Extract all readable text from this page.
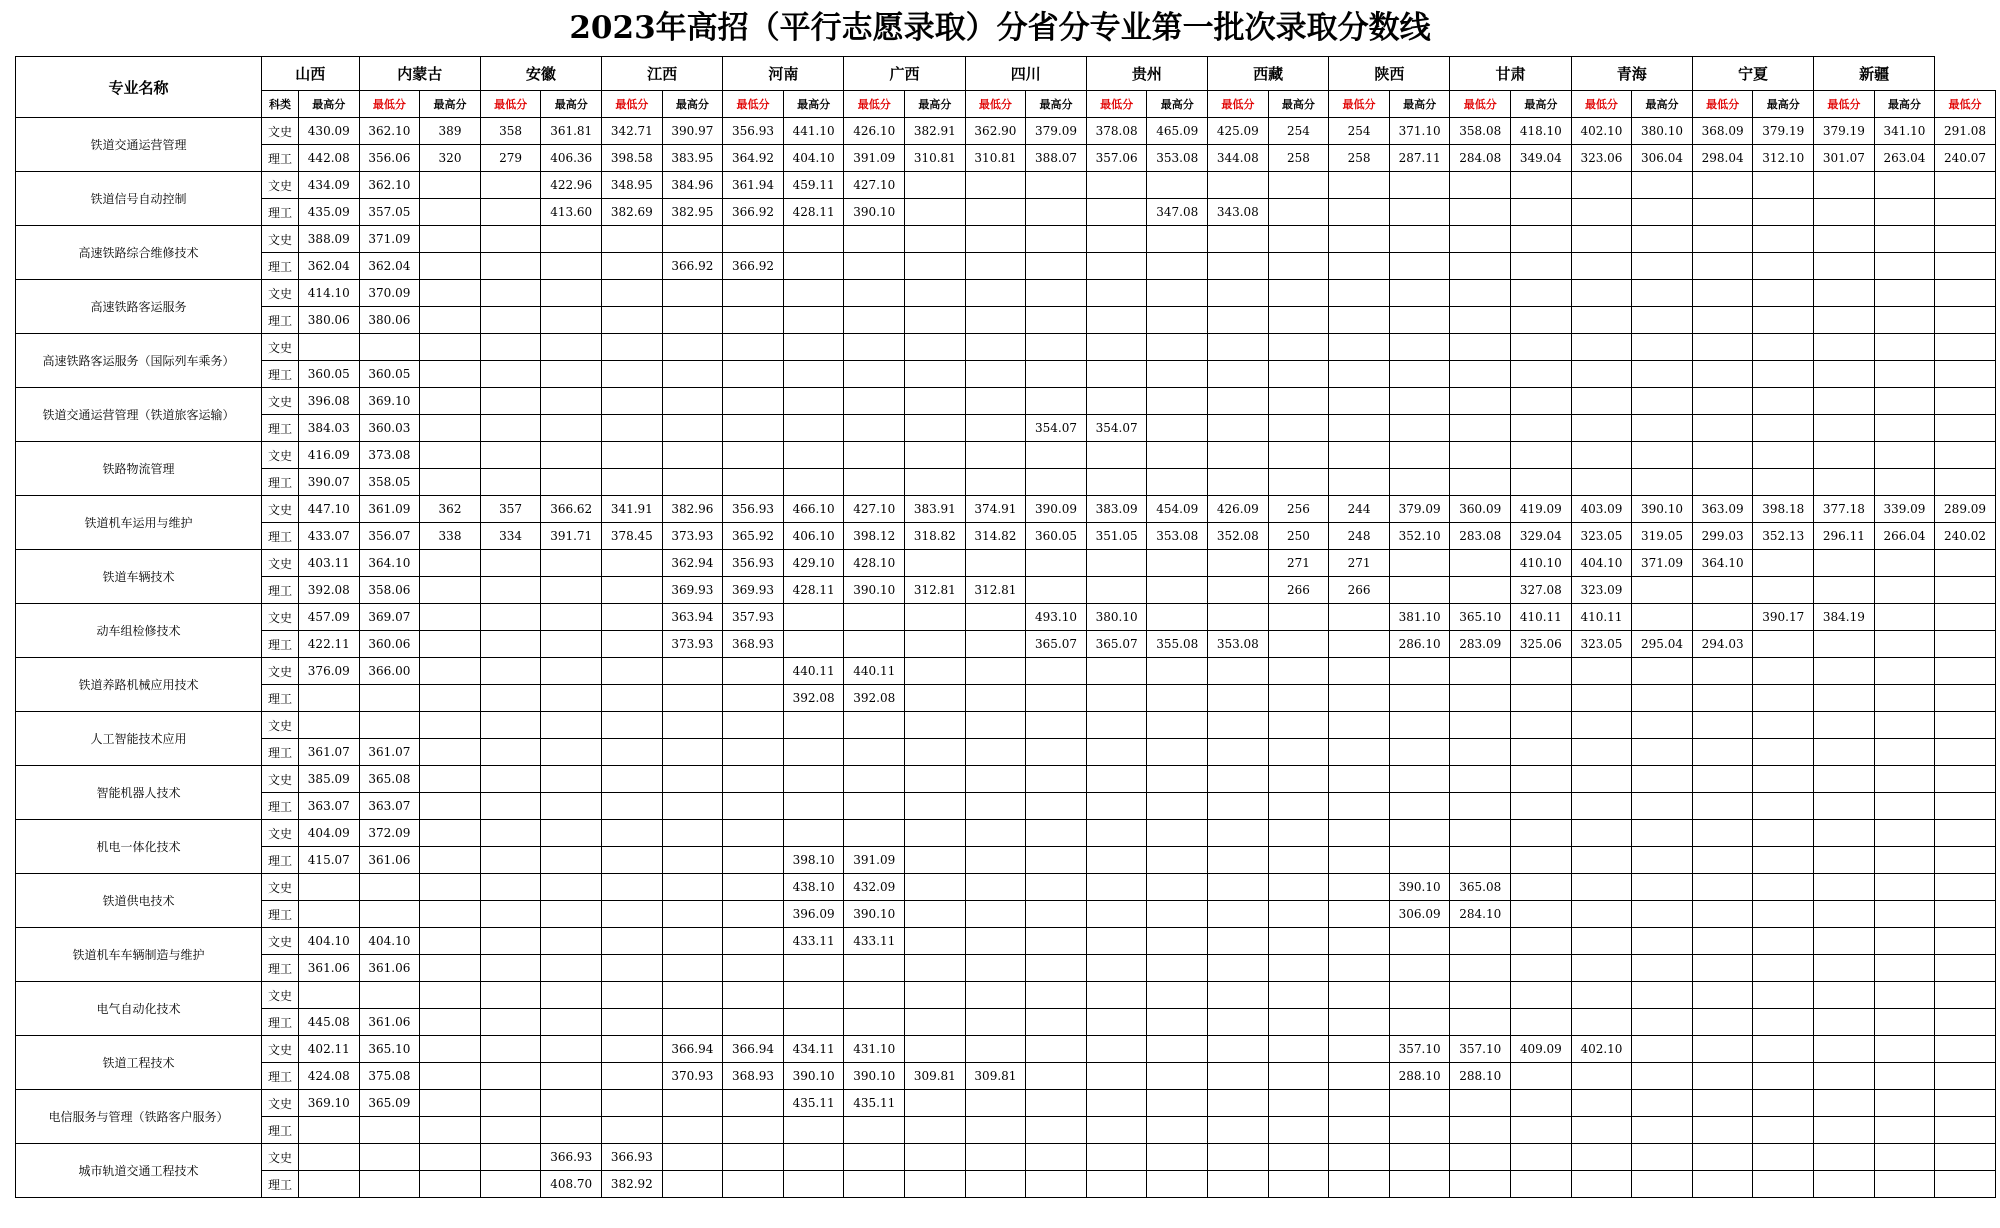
2023年高招（平行志愿录取）分省分专业第一批次录取分数线
专业名称	山西		内蒙古		安徽		江西		河南		广西		四川		贵州		西藏		陕西		甘肃		青海		宁夏		新疆		
	科类	最高分	最低分	最高分	最低分	最高分	最低分	最高分	最低分	最高分	最低分	最高分	最低分	最高分	最低分	最高分	最低分	最高分	最低分	最高分	最低分	最高分	最低分	最高分	最低分	最高分	最低分	最高分	最低分
铁道交通运营管理	文史	430.09	362.10	389	358	361.81	342.71	390.97	356.93	441.10	426.10	382.91	362.90	379.09	378.08	465.09	425.09	254	254	371.10	358.08	418.10	402.10	380.10	368.09	379.19	379.19	341.10	291.08
	理工	442.08	356.06	320	279	406.36	398.58	383.95	364.92	404.10	391.09	310.81	310.81	388.07	357.06	353.08	344.08	258	258	287.11	284.08	349.04	323.06	306.04	298.04	312.10	301.07	263.04	240.07
铁道信号自动控制	文史	434.09	362.10			422.96	348.95	384.96	361.94	459.11	427.10																		
	理工	435.09	357.05			413.60	382.69	382.95	366.92	428.11	390.10					347.08	343.08												
高速铁路综合维修技术	文史	388.09	371.09																										
	理工	362.04	362.04					366.92	366.92																				
高速铁路客运服务	文史	414.10	370.09																										
	理工	380.06	380.06																										
高速铁路客运服务（国际列车乘务）	文史																												
	理工	360.05	360.05																										
铁道交通运营管理（铁道旅客运输）	文史	396.08	369.10																										
	理工	384.03	360.03											354.07	354.07														
铁路物流管理	文史	416.09	373.08																										
	理工	390.07	358.05																										
铁道机车运用与维护	文史	447.10	361.09	362	357	366.62	341.91	382.96	356.93	466.10	427.10	383.91	374.91	390.09	383.09	454.09	426.09	256	244	379.09	360.09	419.09	403.09	390.10	363.09	398.18	377.18	339.09	289.09
	理工	433.07	356.07	338	334	391.71	378.45	373.93	365.92	406.10	398.12	318.82	314.82	360.05	351.05	353.08	352.08	250	248	352.10	283.08	329.04	323.05	319.05	299.03	352.13	296.11	266.04	240.02
铁道车辆技术	文史	403.11	364.10					362.94	356.93	429.10	428.10							271	271			410.10	404.10	371.09	364.10				
	理工	392.08	358.06					369.93	369.93	428.11	390.10	312.81	312.81					266	266			327.08	323.09						
动车组检修技术	文史	457.09	369.07					363.94	357.93					493.10	380.10					381.10	365.10	410.11	410.11			390.17	384.19		
	理工	422.11	360.06					373.93	368.93					365.07	365.07	355.08	353.08			286.10	283.09	325.06	323.05	295.04	294.03				
铁道养路机械应用技术	文史	376.09	366.00							440.11	440.11																		
	理工									392.08	392.08																		
人工智能技术应用	文史																												
	理工	361.07	361.07																										
智能机器人技术	文史	385.09	365.08																										
	理工	363.07	363.07																										
机电一体化技术	文史	404.09	372.09																										
	理工	415.07	361.06							398.10	391.09																		
铁道供电技术	文史									438.10	432.09									390.10	365.08								
	理工									396.09	390.10									306.09	284.10								
铁道机车车辆制造与维护	文史	404.10	404.10							433.11	433.11																		
	理工	361.06	361.06																										
电气自动化技术	文史																												
	理工	445.08	361.06																										
铁道工程技术	文史	402.11	365.10					366.94	366.94	434.11	431.10									357.10	357.10	409.09	402.10						
	理工	424.08	375.08					370.93	368.93	390.10	390.10	309.81	309.81							288.10	288.10								
电信服务与管理（铁路客户服务）	文史	369.10	365.09							435.11	435.11																		
	理工																												
城市轨道交通工程技术	文史					366.93	366.93																						
	理工					408.70	382.92																						
